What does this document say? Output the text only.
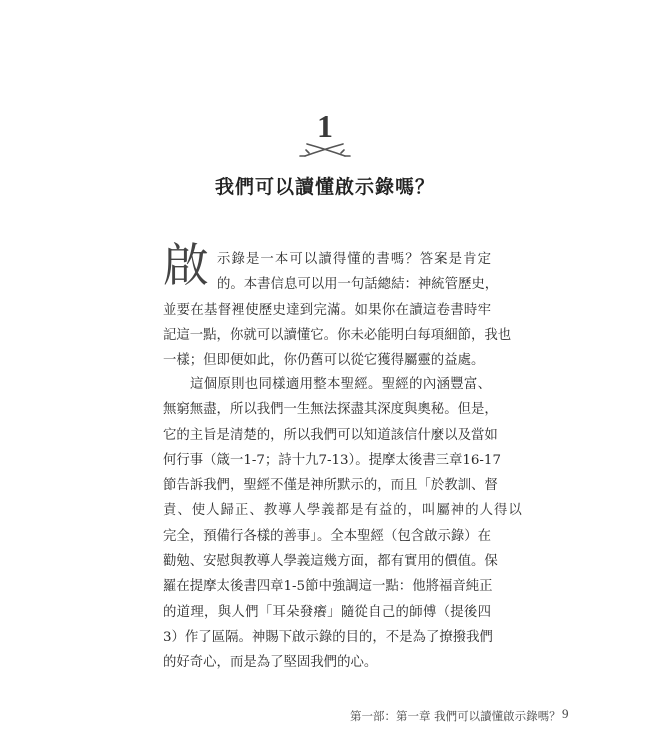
1
我們可以讀懂啟示錄嗎？
啟 示錄是一本可以讀得懂的書嗎？答案是肯定
的。本書信息可以用一句話總結：神統管歷史，
並要在基督裡使歷史達到完滿。如果你在讀這卷書時牢
記這一點，你就可以讀懂它。你未必能明白每項細節，我也
一樣；但即便如此，你仍舊可以從它獲得屬靈的益處。
這個原則也同樣適用整本聖經。聖經的內涵豐富、
無窮無盡，所以我們一生無法探盡其深度與奧秘。但是，
它的主旨是清楚的，所以我們可以知道該信什麼以及當如
何行事（箴一1-7；詩十九7-13）。提摩太後書三章16-17
節告訴我們，聖經不僅是神所默示的，而且「於教訓、督
責、使人歸正、教導人學義都是有益的，叫屬神的人得以
完全，預備行各樣的善事」。全本聖經（包含啟示錄）在
勸勉、安慰與教導人學義這幾方面，都有實用的價值。保
羅在提摩太後書四章1-5節中強調這一點：他將福音純正
的道理，與人們「耳朵發癢」隨從自己的師傅（提後四
3）作了區隔。神賜下啟示錄的目的，不是為了撩撥我們
的好奇心，而是為了堅固我們的心。
第一部：第一章 我們可以讀懂啟示錄嗎？ 9
